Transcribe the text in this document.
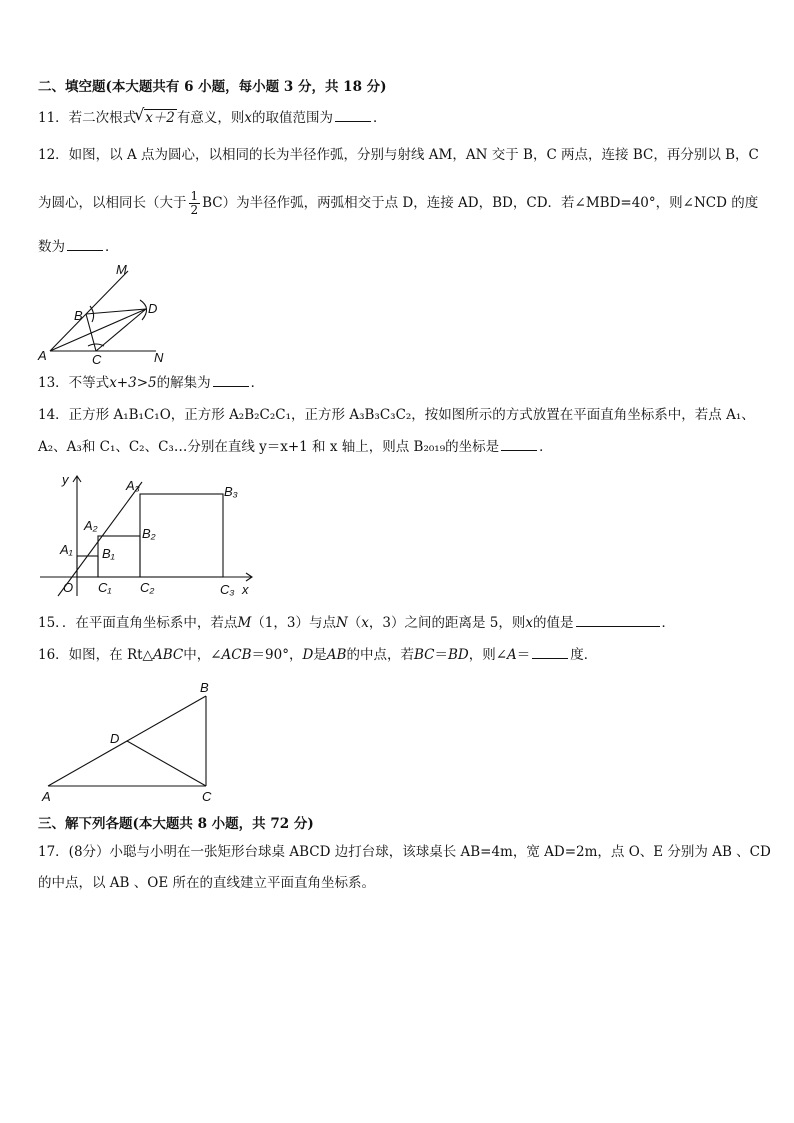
二、填空题(本大题共有 6 小题，每小题 3 分，共 18 分)
11．若二次根式√ x＋2 有意义，则x的取值范围为	．
12．如图，以 A 点为圆心，以相同的长为半径作弧，分别与射线 AM，AN 交于 B，C 两点，连接 BC，再分别以 B，C
为圆心，以相同长（大于 $\frac{1}{2} BC$）为半径作弧，两弧相交于点 D，连接 AD，BD，CD．若∠MBD=40°，则∠NCD 的度
数为	．
M
D
B
A	C	N
13．不等式x+3>5的解集为	．
14．正方形 A₁B₁C₁O，正方形 A₂B₂C₂C₁，正方形 A₃B₃C₃C₂，按如图所示的方式放置在平面直角坐标系中，若点 A₁、
A₂、A₃和 C₁、C₂、C₃…分别在直线 y＝x+1 和 x 轴上，则点 B₂₀₁₉的坐标是	．
y
x
O
A₁
A₂
A₃
B₁
B₂
B₃
C₁ C₂	C₃
15．．在平面直角坐标系中，若点M（1，3）与点N（x，3）之间的距离是 5，则x的值是	．
16．如图，在 Rt△ABC中，∠ACB＝90°，D是AB的中点，若BC＝BD，则∠A＝	度．
B
D
A	C
三、解下列各题(本大题共 8 小题，共 72 分)
17．(8分）小聪与小明在一张矩形台球桌 ABCD 边打台球，该球桌长 AB=4m，宽 AD=2m，点 O、E 分别为 AB 、CD
的中点，以 AB 、OE 所在的直线建立平面直角坐标系。
